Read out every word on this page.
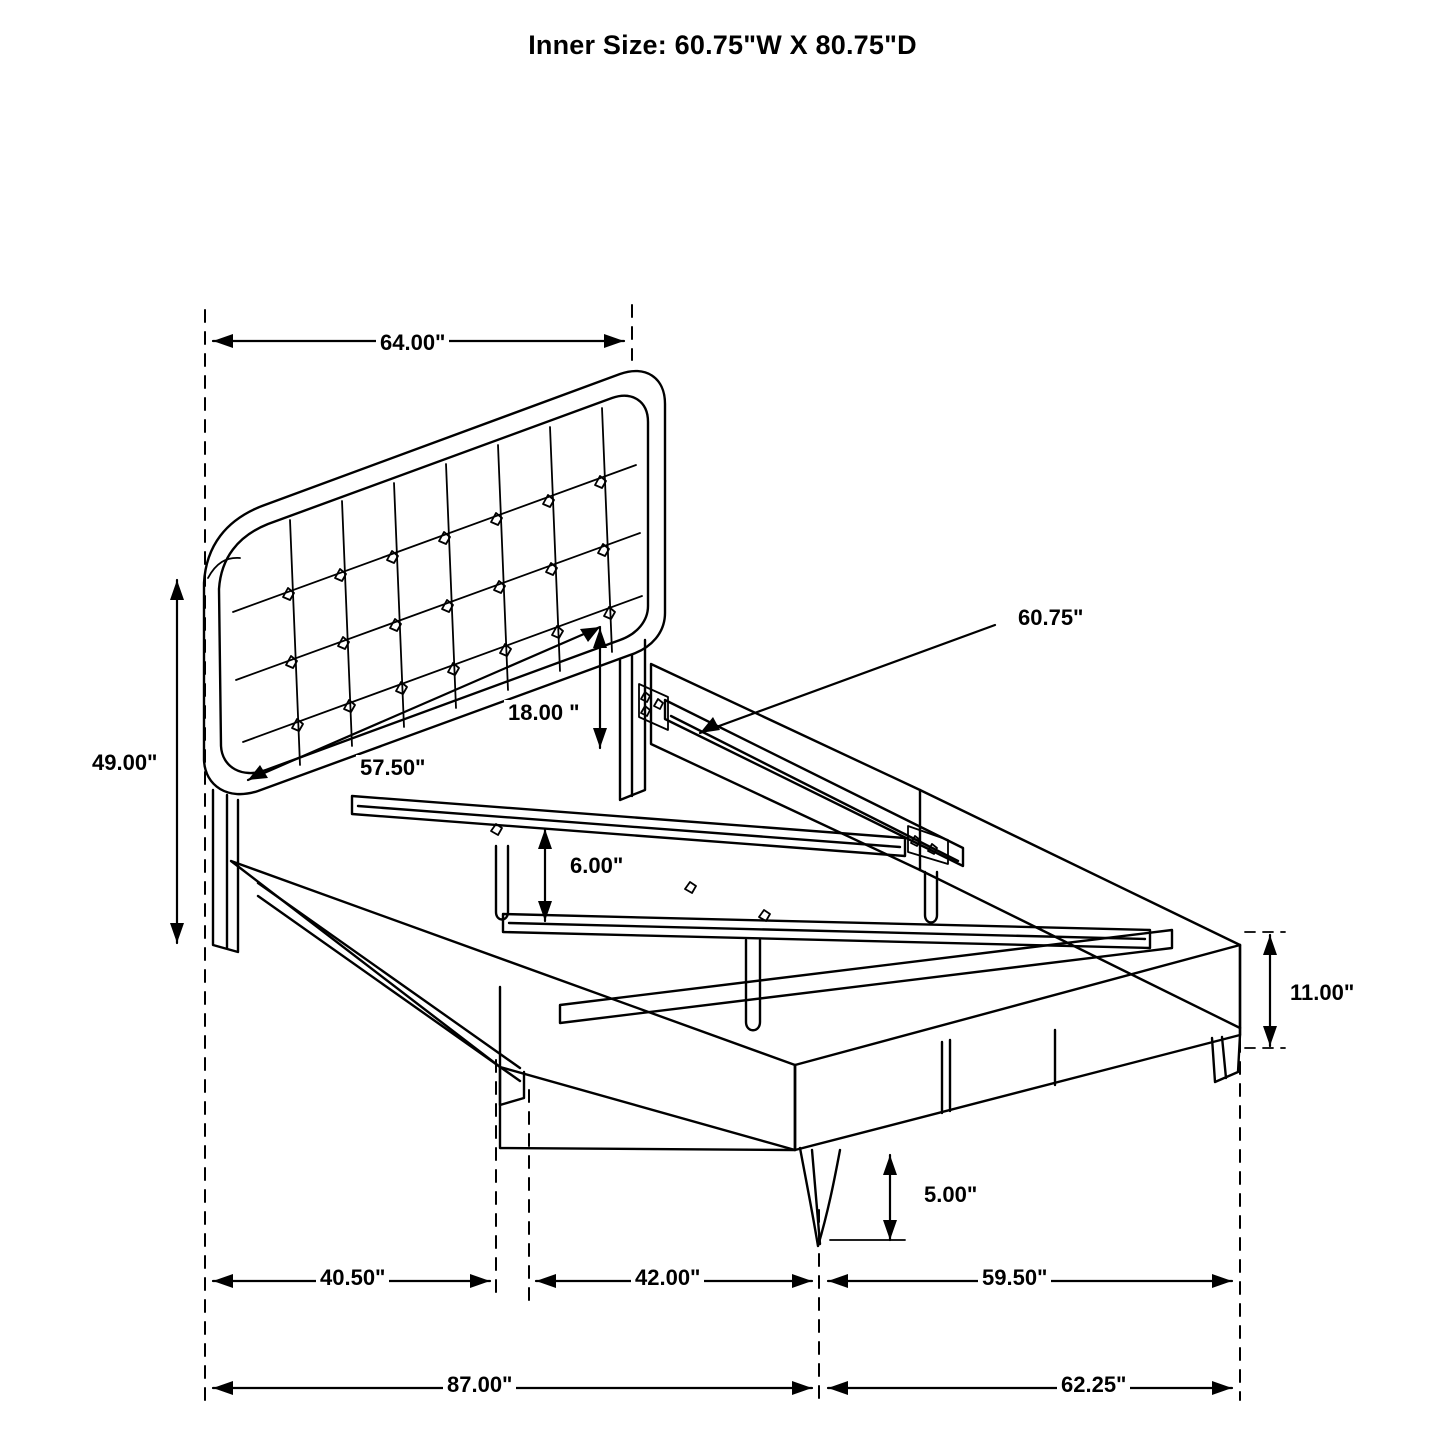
Inner Size: 60.75"W X 80.75"D
64.00"
49.00"	57.50"
18.00 "
60.75"
6.00"
11.00"
5.00"
40.50"	42.00"	59.50"
87.00"	62.25"
